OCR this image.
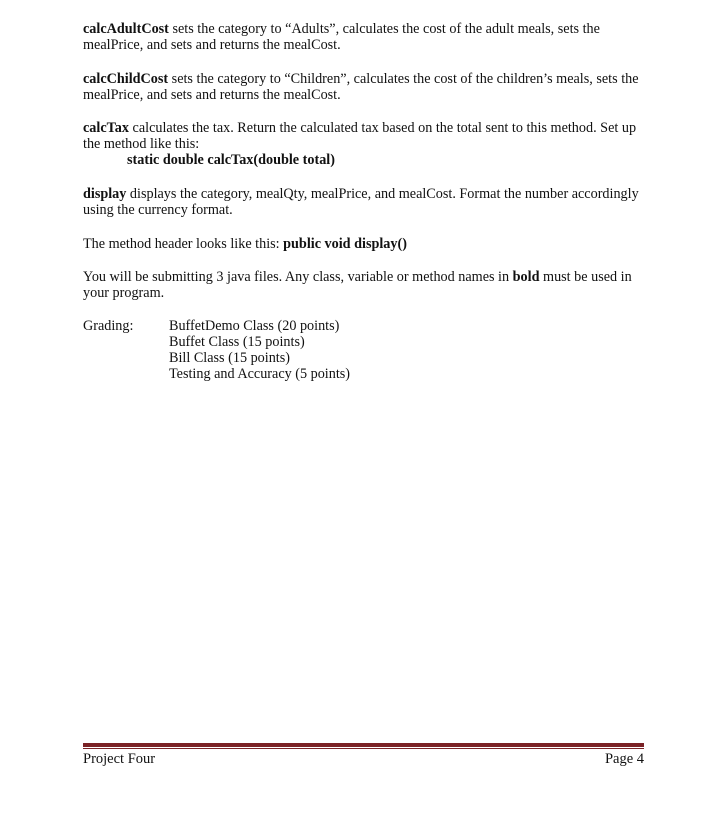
calcAdultCost sets the category to “Adults”, calculates the cost of the adult meals, sets the mealPrice, and sets and returns the mealCost.

calcChildCost sets the category to “Children”, calculates the cost of the children’s meals, sets the mealPrice, and sets and returns the mealCost.

calcTax calculates the tax. Return the calculated tax based on the total sent to this method. Set up the method like this:
static double calcTax(double total)

display displays the category, mealQty, mealPrice, and mealCost. Format the number accordingly using the currency format.

The method header looks like this: public void display()

You will be submitting 3 java files. Any class, variable or method names in bold must be used in your program.

Grading:	BuffetDemo Class (20 points)
Buffet Class (15 points)
Bill Class (15 points)
Testing and Accuracy (5 points)
Project Four	Page 4
